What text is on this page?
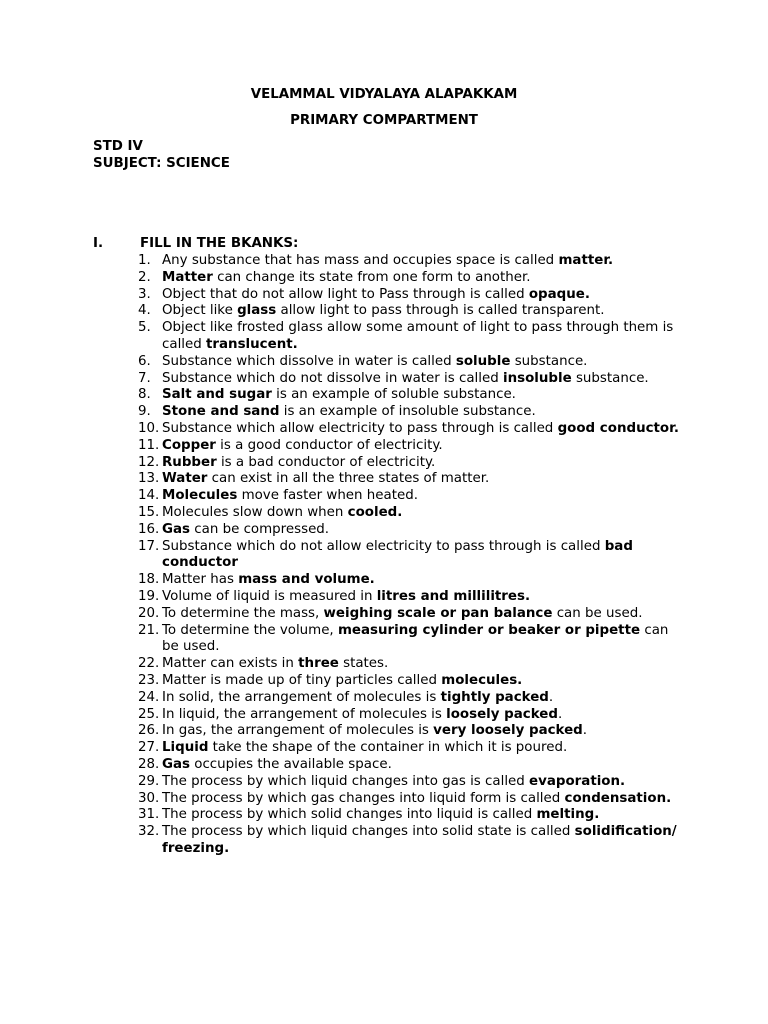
VELAMMAL VIDYALAYA ALAPAKKAM
PRIMARY COMPARTMENT
STD IV
SUBJECT: SCIENCE
I.	FILL IN THE BKANKS:
1. Any substance that has mass and occupies space is called matter.
2. Matter can change its state from one form to another.
3. Object that do not allow light to Pass through is called opaque.
4. Object like glass allow light to pass through is called transparent.
5. Object like frosted glass allow some amount of light to pass through them is called translucent.
6. Substance which dissolve in water is called soluble substance.
7. Substance which do not dissolve in water is called insoluble substance.
8. Salt and sugar is an example of soluble substance.
9. Stone and sand is an example of insoluble substance.
10. Substance which allow electricity to pass through is called good conductor.
11. Copper is a good conductor of electricity.
12. Rubber is a bad conductor of electricity.
13. Water can exist in all the three states of matter.
14. Molecules move faster when heated.
15. Molecules slow down when cooled.
16. Gas can be compressed.
17. Substance which do not allow electricity to pass through is called bad conductor
18. Matter has mass and volume.
19. Volume of liquid is measured in litres and millilitres.
20. To determine the mass, weighing scale or pan balance can be used.
21. To determine the volume, measuring cylinder or beaker or pipette can be used.
22. Matter can exists in three states.
23. Matter is made up of tiny particles called molecules.
24. In solid, the arrangement of molecules is tightly packed.
25. In liquid, the arrangement of molecules is loosely packed.
26. In gas, the arrangement of molecules is very loosely packed.
27. Liquid take the shape of the container in which it is poured.
28. Gas occupies the available space.
29. The process by which liquid changes into gas is called evaporation.
30. The process by which gas changes into liquid form is called condensation.
31. The process by which solid changes into liquid is called melting.
32. The process by which liquid changes into solid state is called solidification/ freezing.
